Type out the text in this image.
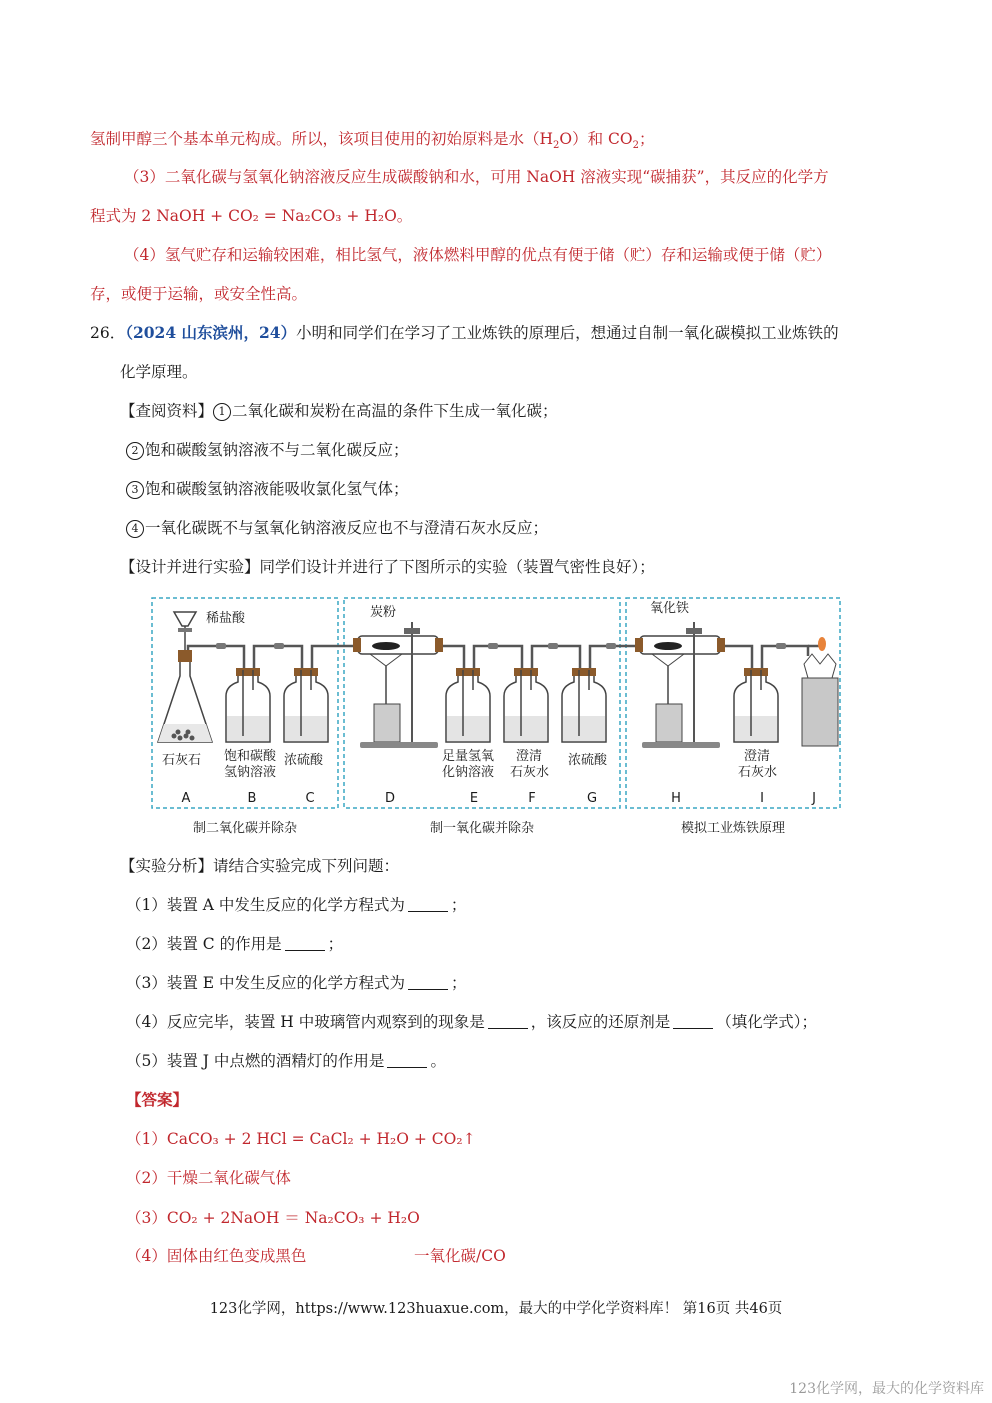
氢制甲醇三个基本单元构成。所以，该项目使用的初始原料是水$(H_2O)$和 $CO_2$；
（3）二氧化碳与氢氧化钠溶液反应生成碳酸钠和水，可用 NaOH 溶液实现“碳捕获”，其反应的化学方
程式为 2 NaOH + CO₂ = Na₂CO₃ + H₂O。
（4）氢气贮存和运输较困难，相比氢气，液体燃料甲醇的优点有便于储（贮）存和运输或便于储（贮）
存，或便于运输，或安全性高。
26．（2024 山东滨州，24）小明和同学们在学习了工业炼铁的原理后，想通过自制一氧化碳模拟工业炼铁的
化学原理。
【查阅资料】 1 二氧化碳和炭粉在高温的条件下生成一氧化碳；
2 饱和碳酸氢钠溶液不与二氧化碳反应；
3 饱和碳酸氢钠溶液能吸收氯化氢气体；
4 一氧化碳既不与氢氧化钠溶液反应也不与澄清石灰水反应；
【设计并进行实验】同学们设计并进行了下图所示的实验（装置气密性良好）；
稀盐酸	炭粉	氧化铁
石灰石 饱和碳酸
氢钠溶液
浓硫酸	足量氢氧
化钠溶液
澄清
石灰水
浓硫酸	澄清
石灰水
A	B	C	D	E	F	G	H	I	J
制二氧化碳并除杂	制一氧化碳并除杂	模拟工业炼铁原理
【实验分析】请结合实验完成下列问题：
（1）装置 A 中发生反应的化学方程式为	；
（2）装置 C 的作用是	；
（3）装置 E 中发生反应的化学方程式为	；
（4）反应完毕，装置 H 中玻璃管内观察到的现象是	，该反应的还原剂是	（填化学式）；
（5）装置 J 中点燃的酒精灯的作用是	。
【答案】
（1）CaCO₃ + 2 HCl = CaCl₂ + H₂O + CO₂↑
（2）干燥二氧化碳气体
（3）CO₂ + 2NaOH ＝ Na₂CO₃ + H₂O
（4）固体由红色变成黑色	一氧化碳/CO
123化学网，https://www.123huaxue.com，最大的中学化学资料库！ 第16页 共46页
123化学网，最大的化学资料库
